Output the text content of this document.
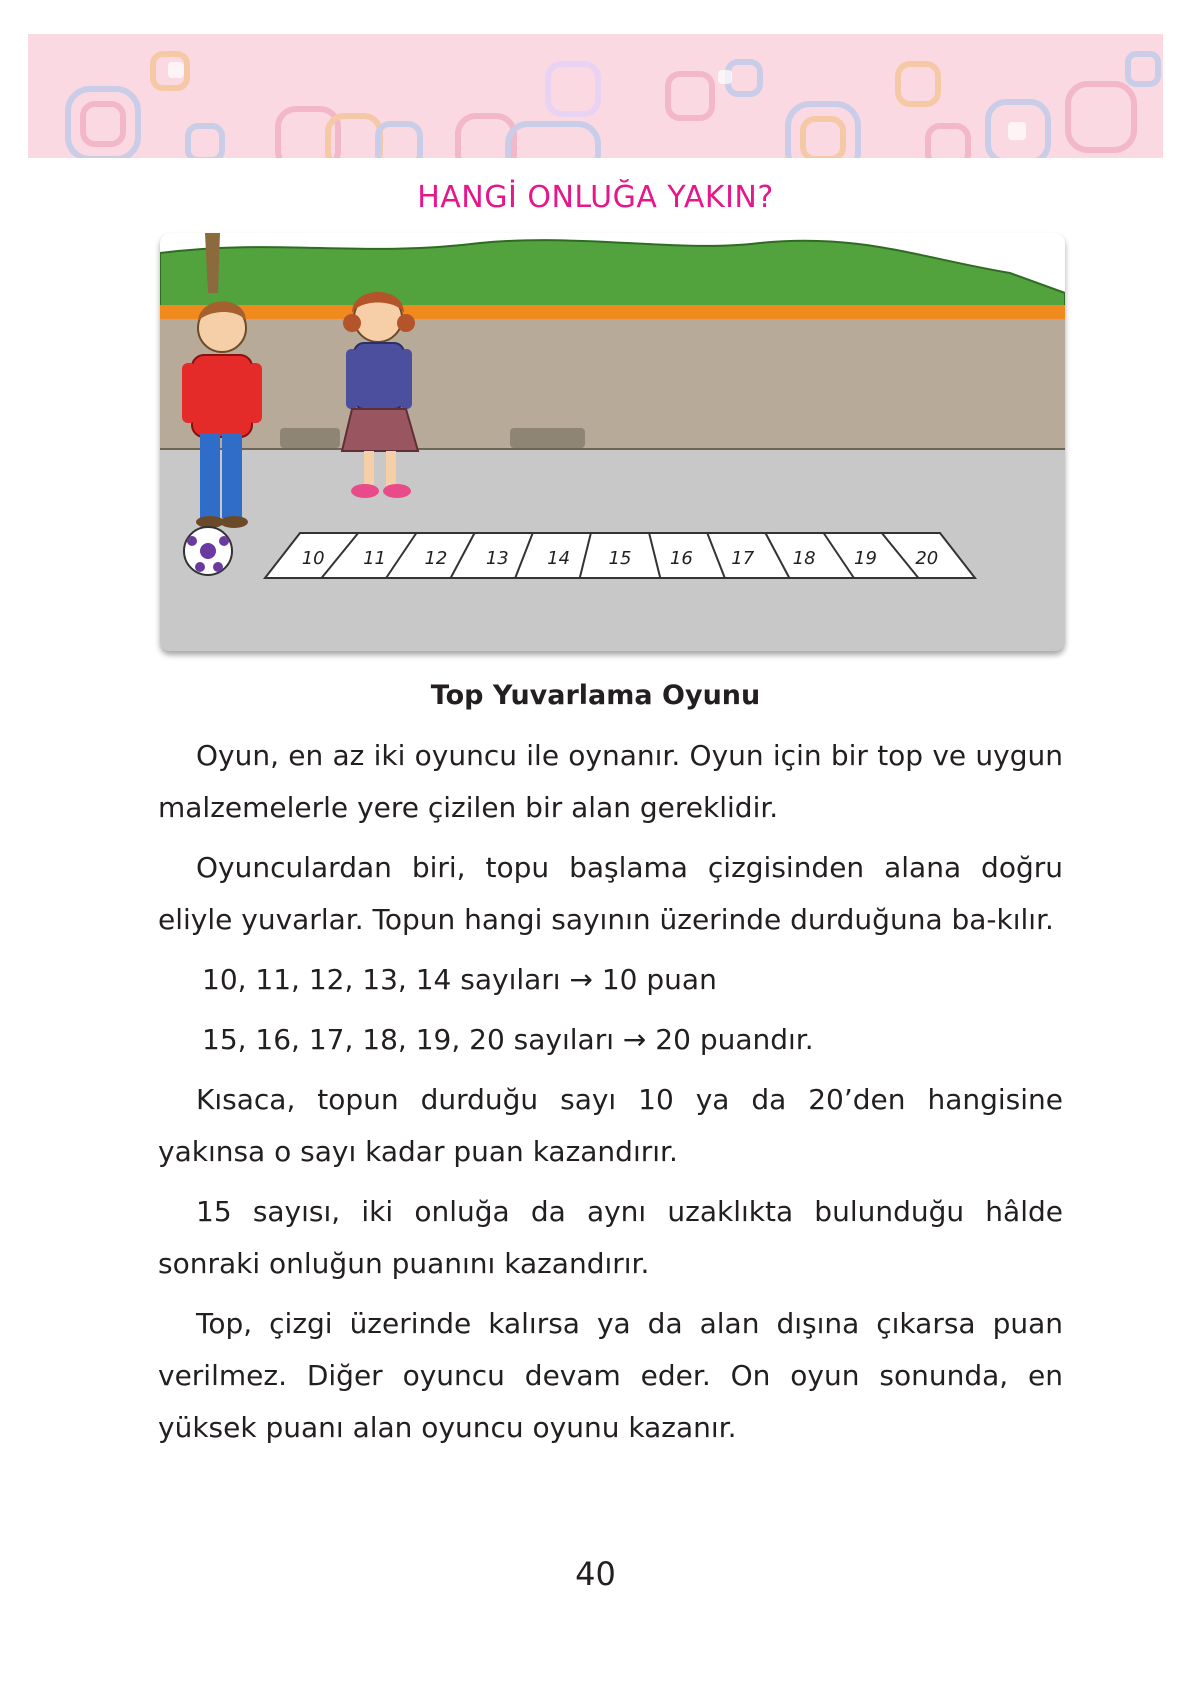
HANGİ ONLUĞA YAKIN?
10 11 12 13 14 15 16 17 18 19 20
Top Yuvarlama Oyunu

Oyun, en az iki oyuncu ile oynanır. Oyun için bir top ve uygun malzemelerle yere çizilen bir alan gereklidir.

Oyunculardan biri, topu başlama çizgisinden alana doğru eliyle yuvarlar. Topun hangi sayının üzerinde durduğuna ba-kılır.

10, 11, 12, 13, 14 sayıları → 10 puan
15, 16, 17, 18, 19, 20 sayıları → 20 puandır.

Kısaca, topun durduğu sayı 10 ya da 20’den hangisine yakınsa o sayı kadar puan kazandırır.

15 sayısı, iki onluğa da aynı uzaklıkta bulunduğu hâlde sonraki onluğun puanını kazandırır.

Top, çizgi üzerinde kalırsa ya da alan dışına çıkarsa puan verilmez. Diğer oyuncu devam eder. On oyun sonunda, en yüksek puanı alan oyuncu oyunu kazanır.

40
